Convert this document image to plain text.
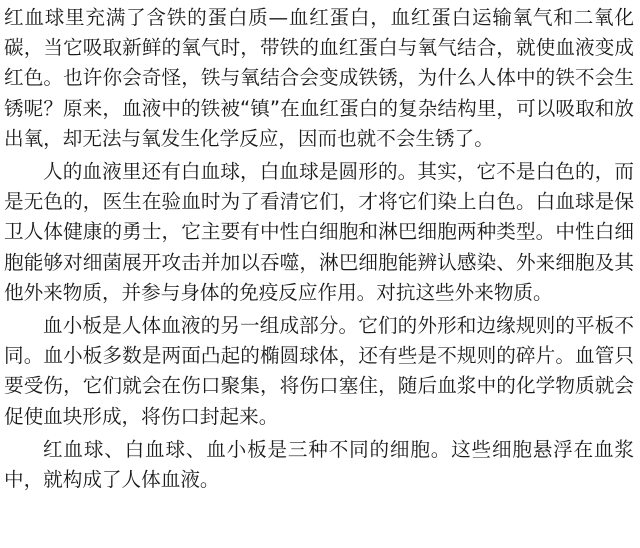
红血球里充满了含铁的蛋白质—血红蛋白，血红蛋白运输氧气和二氧化碳，当它吸取新鲜的氧气时，带铁的血红蛋白与氧气结合，就使血液变成红色。也许你会奇怪，铁与氧结合会变成铁锈，为什么人体中的铁不会生锈呢？原来，血液中的铁被“镇”在血红蛋白的复杂结构里，可以吸取和放出氧，却无法与氧发生化学反应，因而也就不会生锈了。

人的血液里还有白血球，白血球是圆形的。其实，它不是白色的，而是无色的，医生在验血时为了看清它们，才将它们染上白色。白血球是保卫人体健康的勇士，它主要有中性白细胞和淋巴细胞两种类型。中性白细胞能够对细菌展开攻击并加以吞噬，淋巴细胞能辨认感染、外来细胞及其他外来物质，并参与身体的免疫反应作用。对抗这些外来物质。

血小板是人体血液的另一组成部分。它们的外形和边缘规则的平板不同。血小板多数是两面凸起的椭圆球体，还有些是不规则的碎片。血管只要受伤，它们就会在伤口聚集，将伤口塞住，随后血浆中的化学物质就会促使血块形成，将伤口封起来。

红血球、白血球、血小板是三种不同的细胞。这些细胞悬浮在血浆中，就构成了人体血液。
